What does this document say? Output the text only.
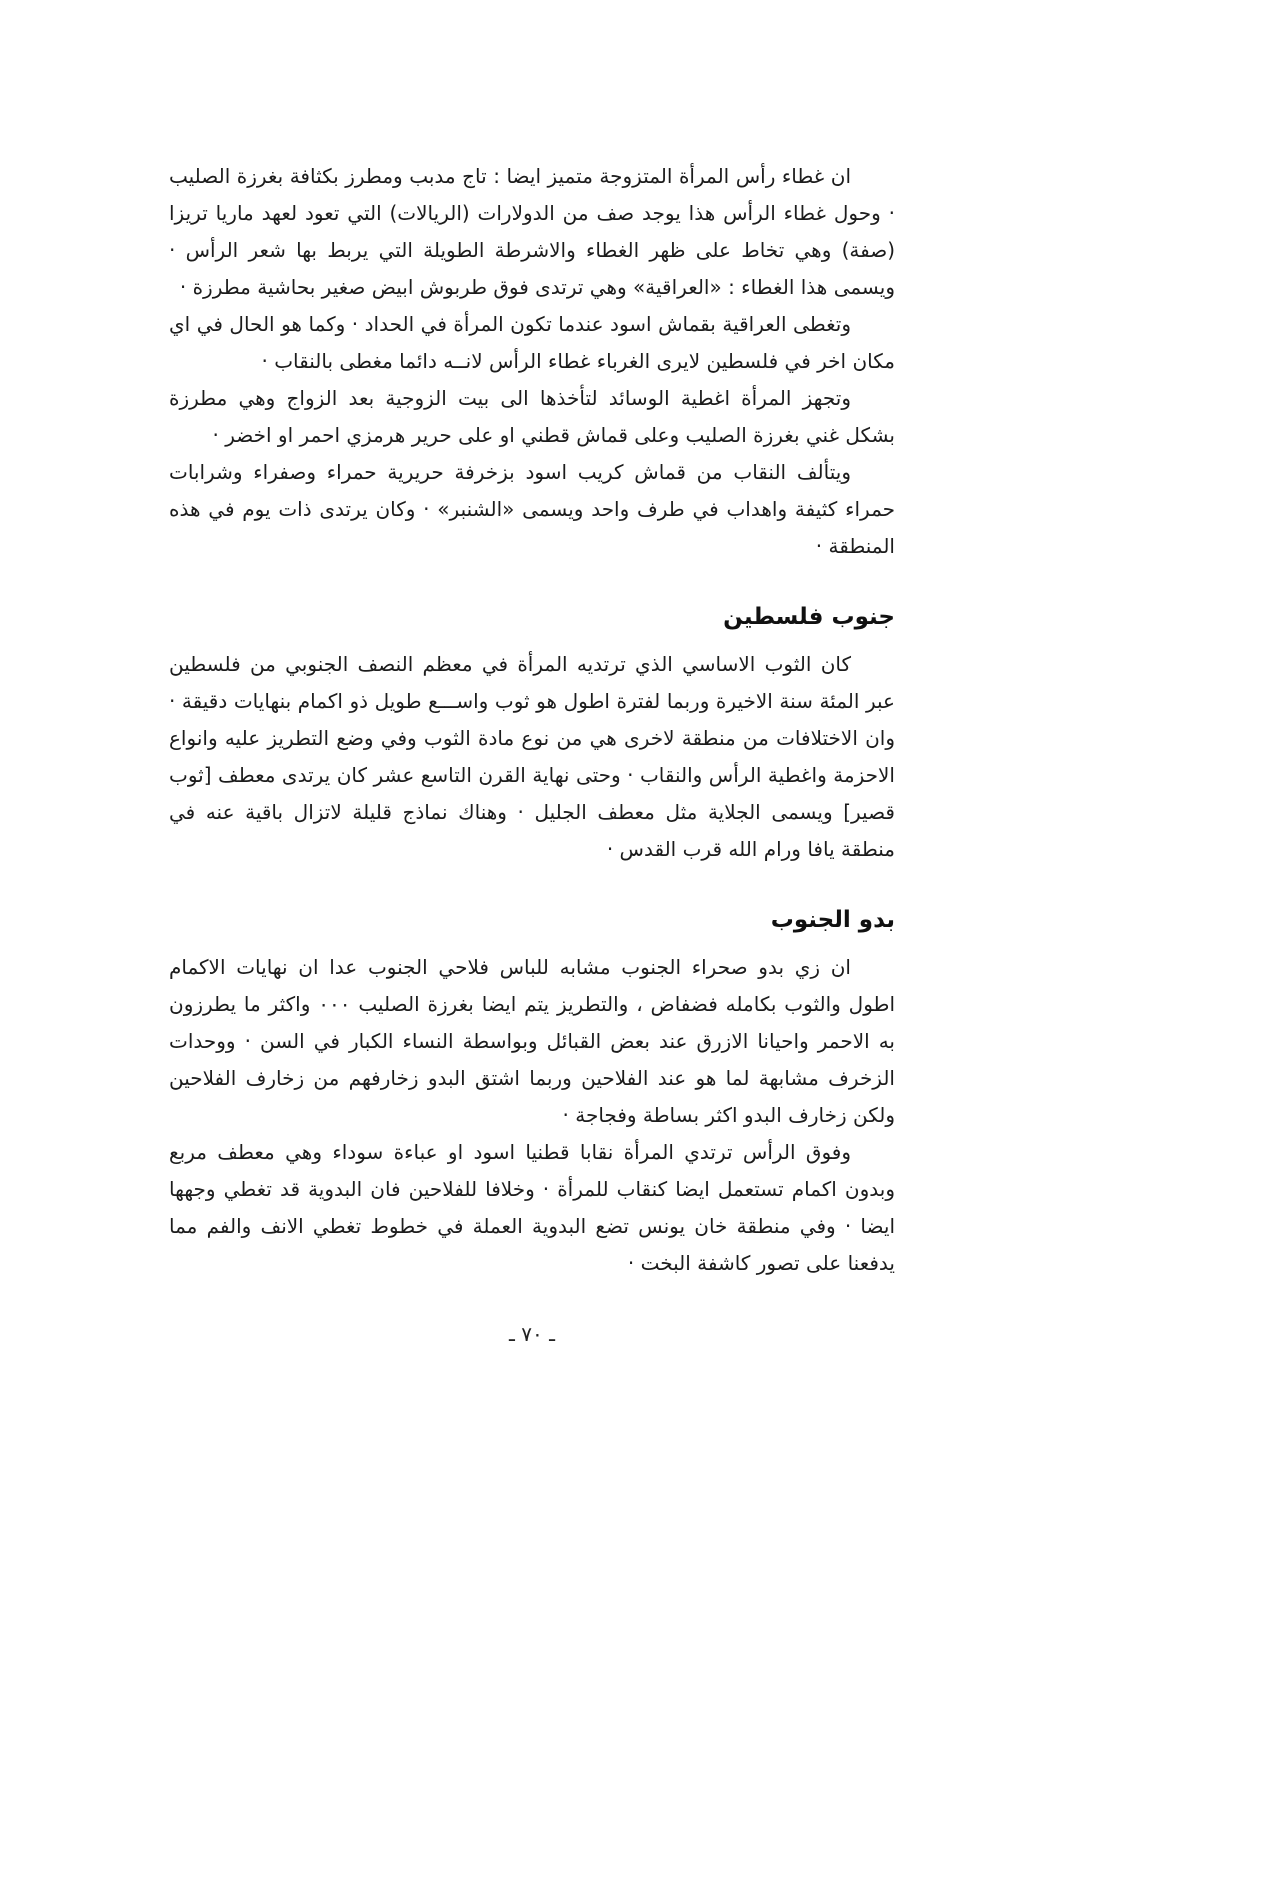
ان غطاء رأس المرأة المتزوجة متميز ايضا : تاج مدبب ومطرز بكثافة بغرزة الصليب · وحول غطاء الرأس هذا يوجد صف من الدولارات (الريالات) التي تعود لعهد ماريا تريزا (صفة) وهي تخاط على ظهر الغطاء والاشرطة الطويلة التي يربط بها شعر الرأس · ويسمى هذا الغطاء : «العراقية» وهي ترتدى فوق طربوش ابيض صغير بحاشية مطرزة ·

وتغطى العراقية بقماش اسود عندما تكون المرأة في الحداد · وكما هو الحال في اي مكان اخر في فلسطين لايرى الغرباء غطاء الرأس لانــه دائما مغطى بالنقاب ·

وتجهز المرأة اغطية الوسائد لتأخذها الى بيت الزوجية بعد الزواج وهي مطرزة بشكل غني بغرزة الصليب وعلى قماش قطني او على حرير هرمزي احمر او اخضر ·

ويتألف النقاب من قماش كريب اسود بزخرفة حريرية حمراء وصفراء وشرابات حمراء كثيفة واهداب في طرف واحد ويسمى «الشنبر» · وكان يرتدى ذات يوم في هذه المنطقة ·

جنوب فلسطين

كان الثوب الاساسي الذي ترتديه المرأة في معظم النصف الجنوبي من فلسطين عبر المئة سنة الاخيرة وربما لفترة اطول هو ثوب واســـع طويل ذو اكمام بنهايات دقيقة · وان الاختلافات من منطقة لاخرى هي من نوع مادة الثوب وفي وضع التطريز عليه وانواع الاحزمة واغطية الرأس والنقاب · وحتى نهاية القرن التاسع عشر كان يرتدى معطف [ثوب قصير] ويسمى الجلاية مثل معطف الجليل · وهناك نماذج قليلة لاتزال باقية عنه في منطقة يافا ورام الله قرب القدس ·

بدو الجنوب

ان زي بدو صحراء الجنوب مشابه للباس فلاحي الجنوب عدا ان نهايات الاكمام اطول والثوب بكامله فضفاض ، والتطريز يتم ايضا بغرزة الصليب ٠٠٠ واكثر ما يطرزون به الاحمر واحيانا الازرق عند بعض القبائل وبواسطة النساء الكبار في السن · ووحدات الزخرف مشابهة لما هو عند الفلاحين وربما اشتق البدو زخارفهم من زخارف الفلاحين ولكن زخارف البدو اكثر بساطة وفجاجة ·

وفوق الرأس ترتدي المرأة نقابا قطنيا اسود او عباءة سوداء وهي معطف مربع وبدون اكمام تستعمل ايضا كنقاب للمرأة · وخلافا للفلاحين فان البدوية قد تغطي وجهها ايضا · وفي منطقة خان يونس تضع البدوية العملة في خطوط تغطي الانف والفم مما يدفعنا على تصور كاشفة البخت ·

ـ ٧٠ ـ
